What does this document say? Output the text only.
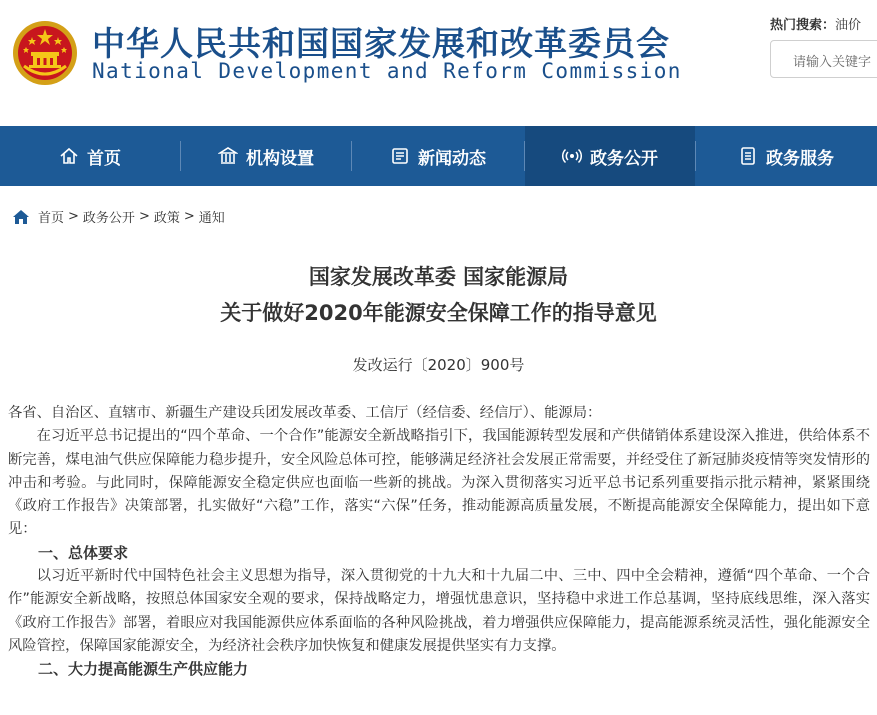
中华人民共和国国家发展和改革委员会
National Development and Reform Commission
热门搜索：油价
请输入关键字
首页	机构设置	新闻动态	政务公开	政务服务
首页 > 政务公开 > 政策 > 通知
国家发展改革委 国家能源局
关于做好2020年能源安全保障工作的指导意见
发改运行〔2020〕900号

各省、自治区、直辖市、新疆生产建设兵团发展改革委、工信厅（经信委、经信厅）、能源局：

在习近平总书记提出的“四个革命、一个合作”能源安全新战略指引下，我国能源转型发展和产供储销体系建设深入推进，供给体系不断完善，煤电油气供应保障能力稳步提升，安全风险总体可控，能够满足经济社会发展正常需要，并经受住了新冠肺炎疫情等突发情形的冲击和考验。与此同时，保障能源安全稳定供应也面临一些新的挑战。为深入贯彻落实习近平总书记系列重要指示批示精神，紧紧围绕《政府工作报告》决策部署，扎实做好“六稳”工作，落实“六保”任务，推动能源高质量发展，不断提高能源安全保障能力，提出如下意见：

一、总体要求

以习近平新时代中国特色社会主义思想为指导，深入贯彻党的十九大和十九届二中、三中、四中全会精神，遵循“四个革命、一个合作”能源安全新战略，按照总体国家安全观的要求，保持战略定力，增强忧患意识，坚持稳中求进工作总基调，坚持底线思维，深入落实《政府工作报告》部署，着眼应对我国能源供应体系面临的各种风险挑战，着力增强供应保障能力，提高能源系统灵活性，强化能源安全风险管控，保障国家能源安全，为经济社会秩序加快恢复和健康发展提供坚实有力支撑。

二、大力提高能源生产供应能力
